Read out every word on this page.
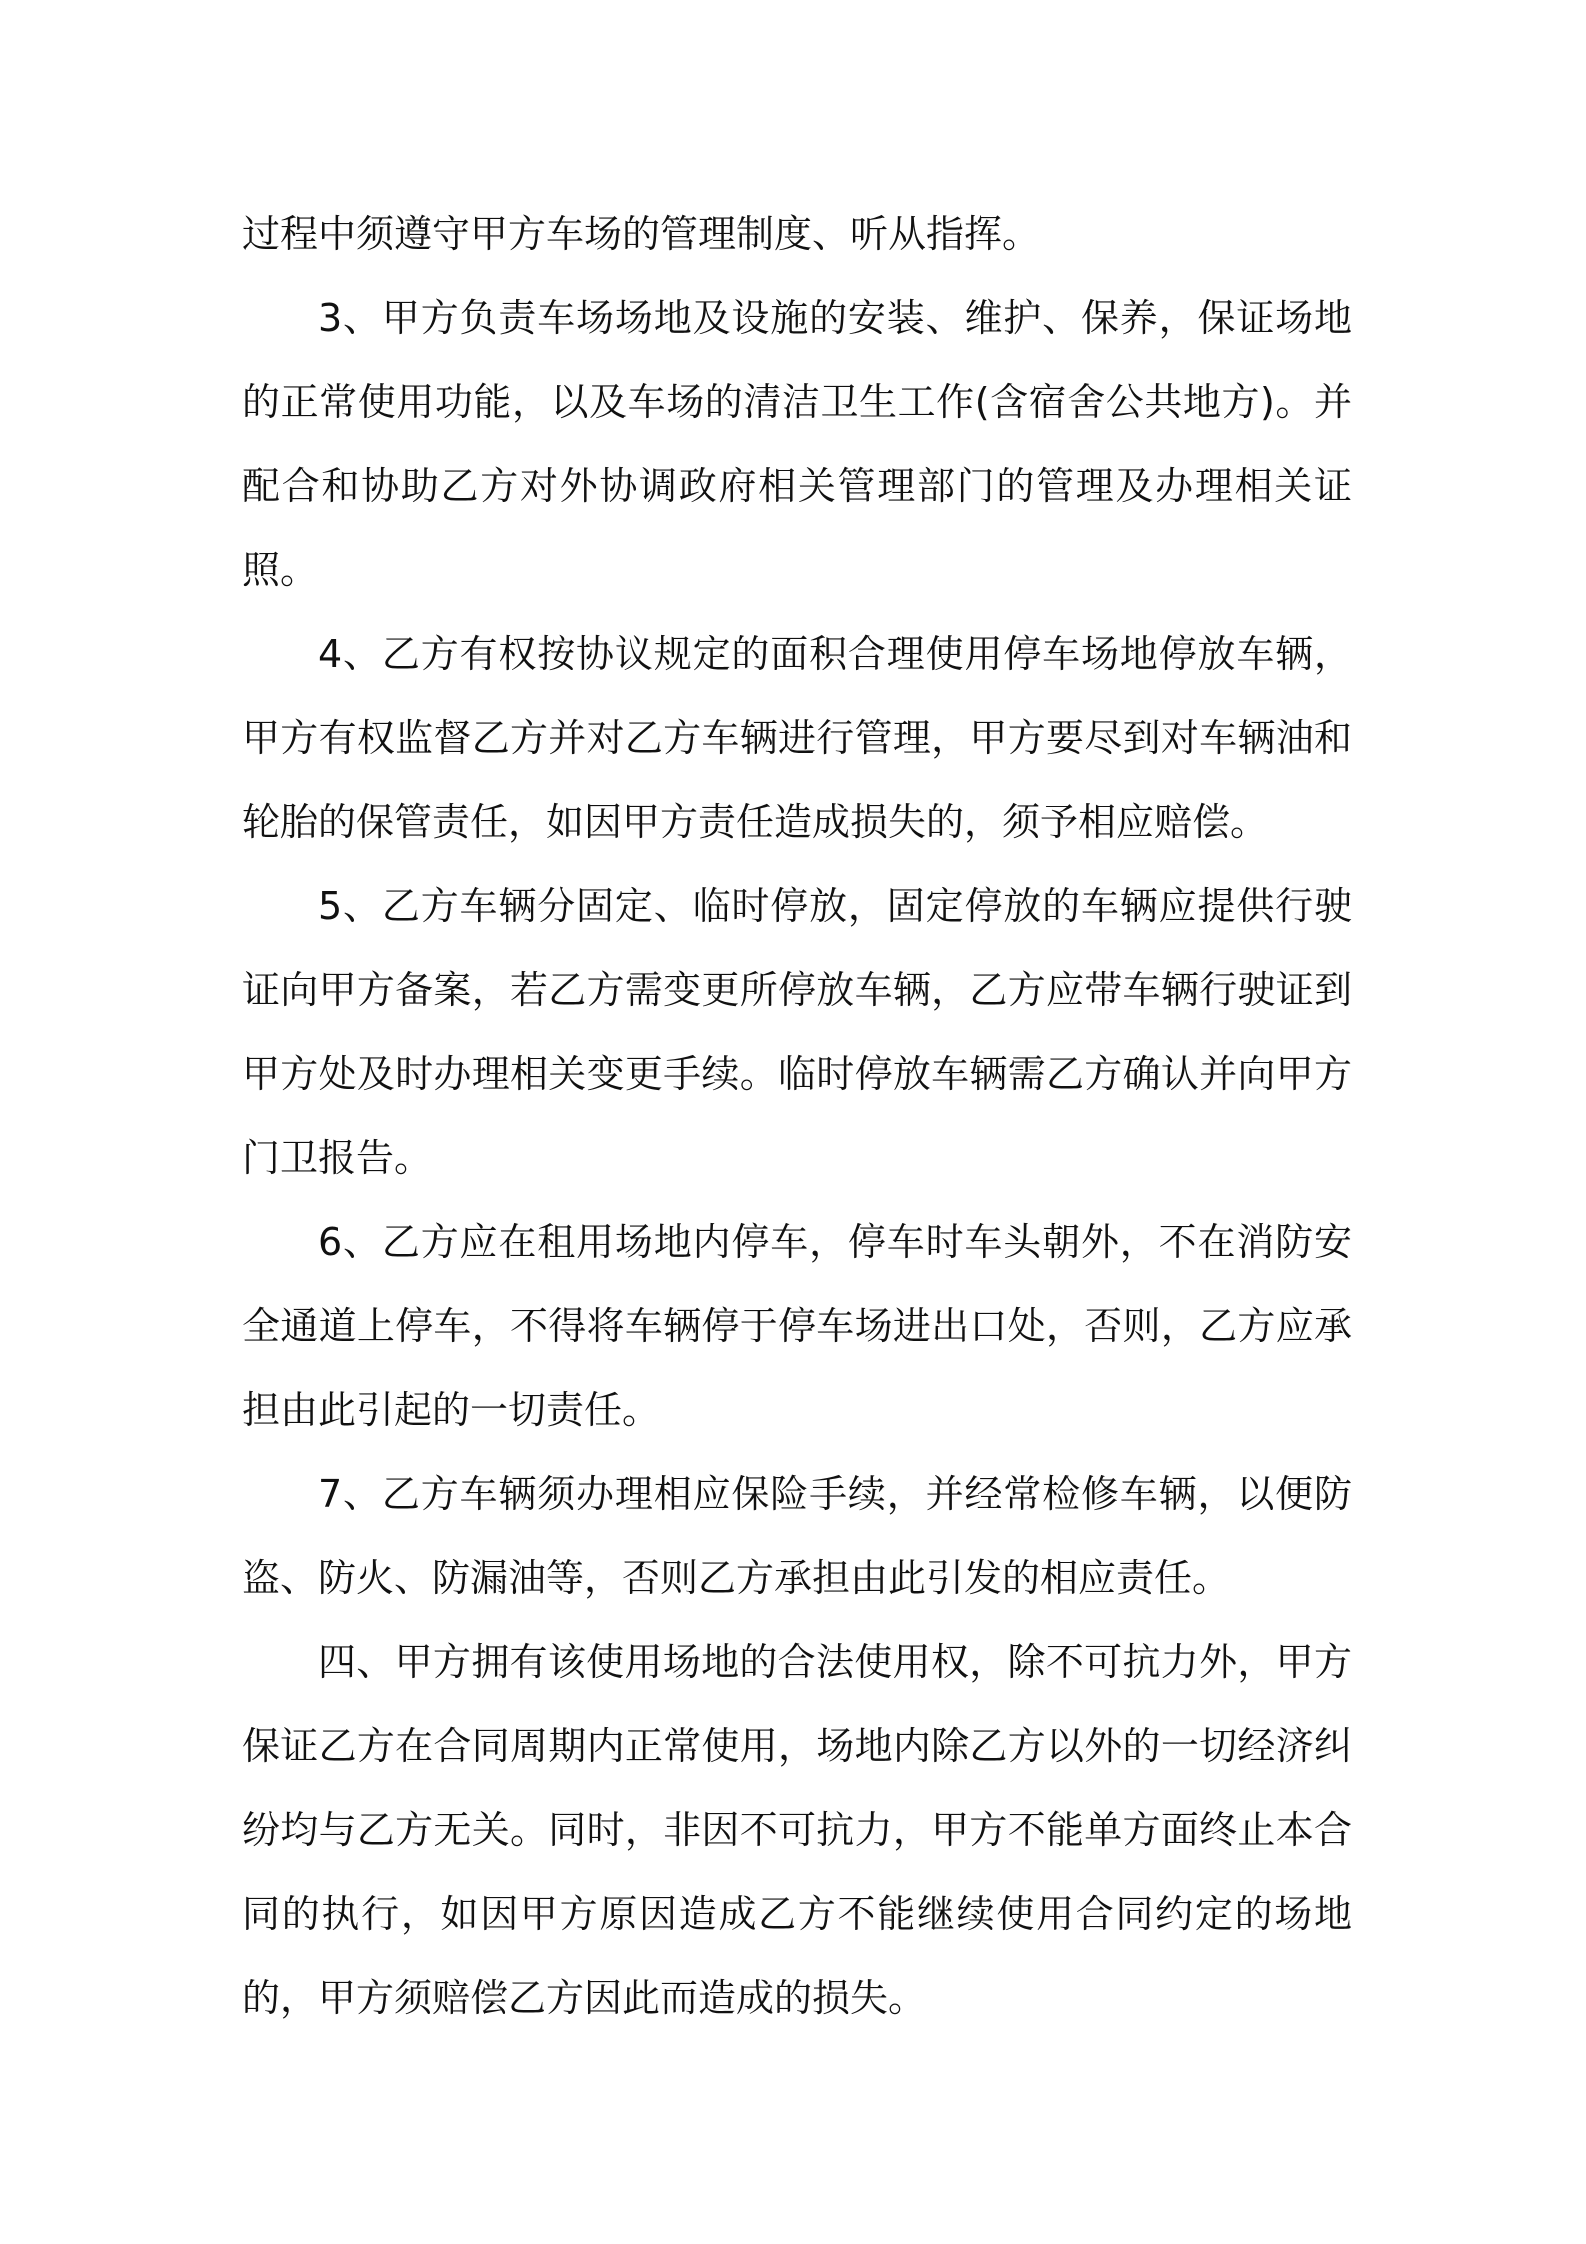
过程中须遵守甲方车场的管理制度、听从指挥。

3、甲方负责车场场地及设施的安装、维护、保养，保证场地的正常使用功能，以及车场的清洁卫生工作(含宿舍公共地方)。并配合和协助乙方对外协调政府相关管理部门的管理及办理相关证照。

4、乙方有权按协议规定的面积合理使用停车场地停放车辆，甲方有权监督乙方并对乙方车辆进行管理，甲方要尽到对车辆油和轮胎的保管责任，如因甲方责任造成损失的，须予相应赔偿。

5、乙方车辆分固定、临时停放，固定停放的车辆应提供行驶证向甲方备案，若乙方需变更所停放车辆，乙方应带车辆行驶证到甲方处及时办理相关变更手续。临时停放车辆需乙方确认并向甲方门卫报告。

6、乙方应在租用场地内停车，停车时车头朝外，不在消防安全通道上停车，不得将车辆停于停车场进出口处，否则，乙方应承担由此引起的一切责任。

7、乙方车辆须办理相应保险手续，并经常检修车辆，以便防盗、防火、防漏油等，否则乙方承担由此引发的相应责任。

四、甲方拥有该使用场地的合法使用权，除不可抗力外，甲方保证乙方在合同周期内正常使用，场地内除乙方以外的一切经济纠纷均与乙方无关。同时，非因不可抗力，甲方不能单方面终止本合同的执行，如因甲方原因造成乙方不能继续使用合同约定的场地的，甲方须赔偿乙方因此而造成的损失。
